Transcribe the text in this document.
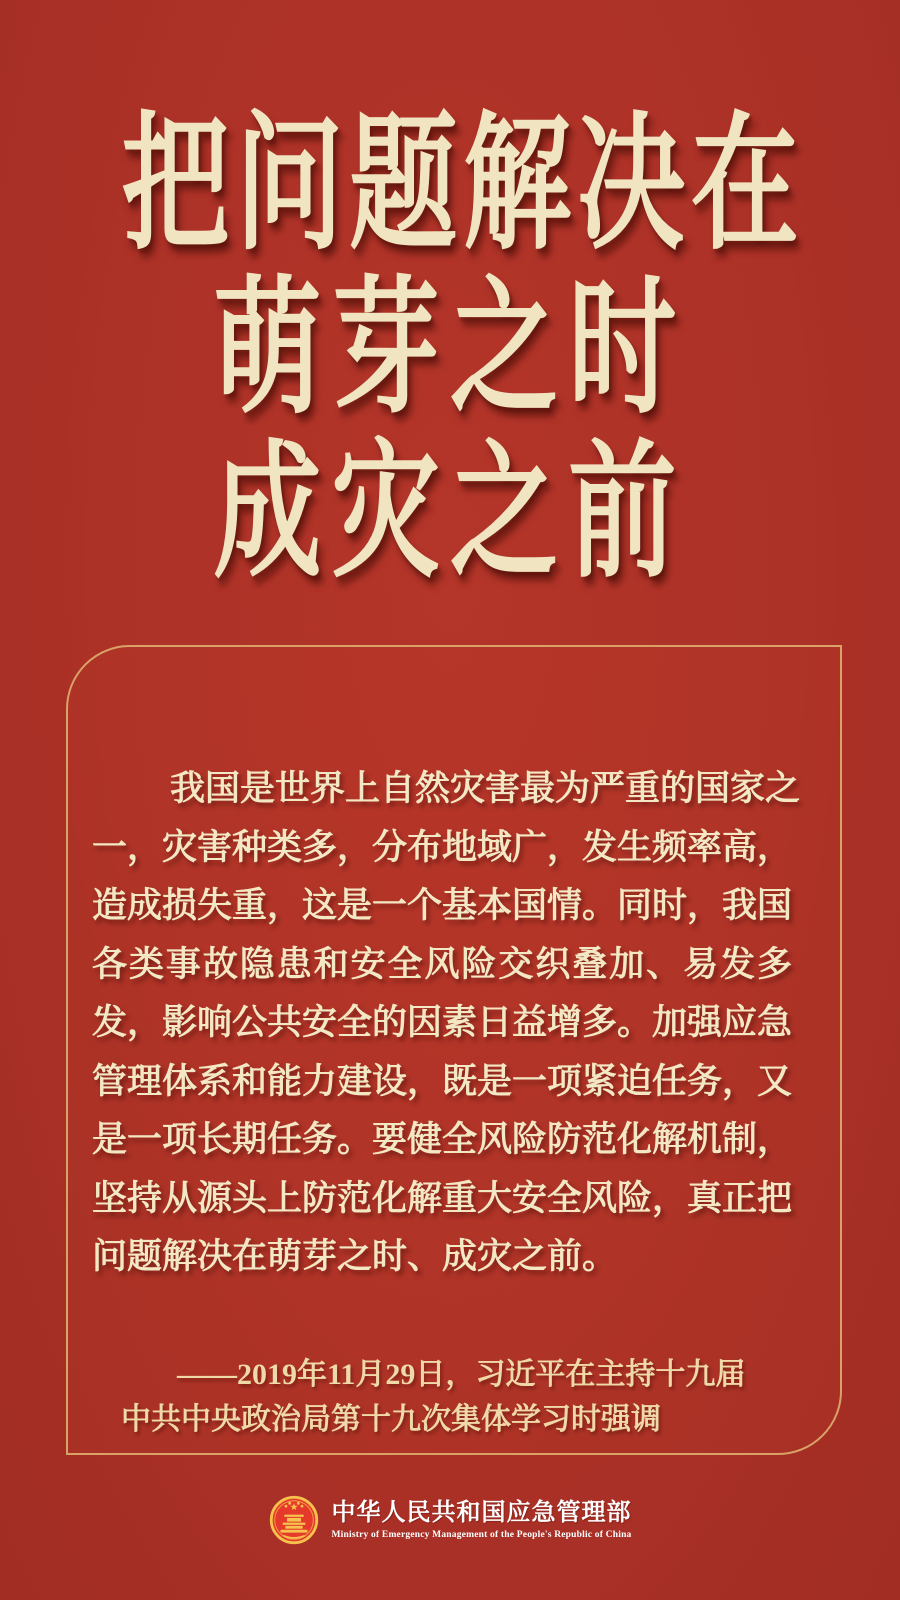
把问题解决在
萌芽之时
成灾之前
我国是世界上自然灾害最为严重的国家之
一，灾害种类多，分布地域广，发生频率高，
造成损失重，这是一个基本国情。同时，我国
各类事故隐患和安全风险交织叠加、易发多
发，影响公共安全的因素日益增多。加强应急
管理体系和能力建设，既是一项紧迫任务，又
是一项长期任务。要健全风险防范化解机制，
坚持从源头上防范化解重大安全风险，真正把
问题解决在萌芽之时、成灾之前。
——2019年11月29日，习近平在主持十九届
中共中央政治局第十九次集体学习时强调
中华人民共和国应急管理部
Ministry of Emergency Management of the People's Republic of China
